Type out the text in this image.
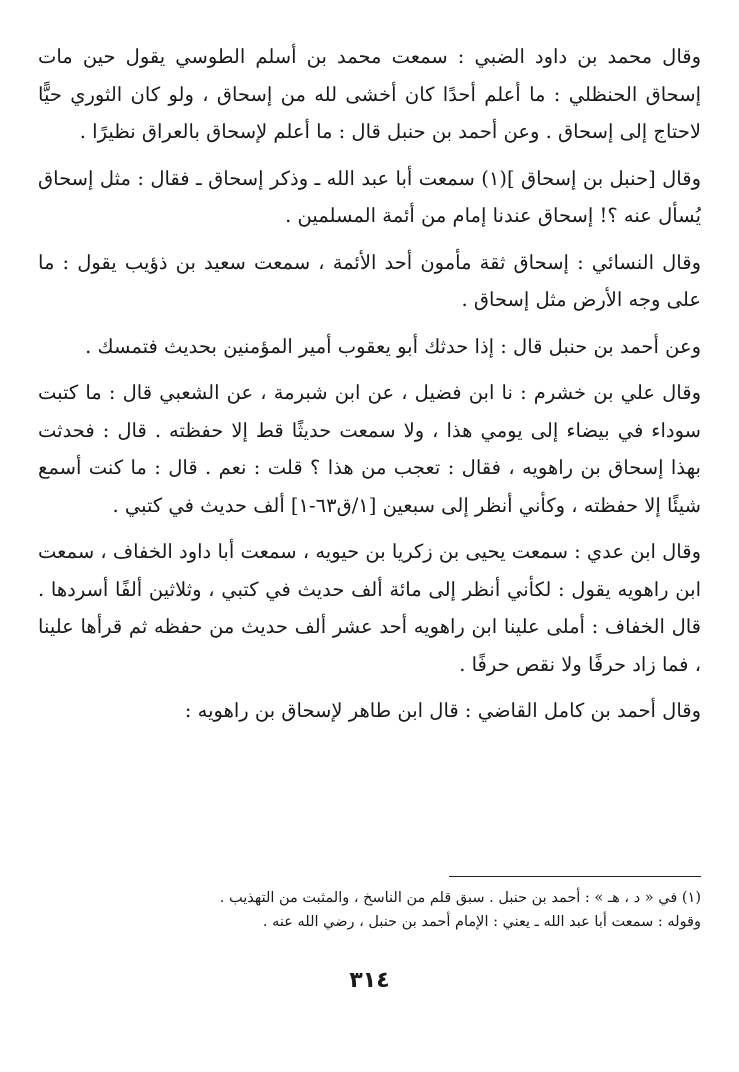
وقال محمد بن داود الضبي : سمعت محمد بن أسلم الطوسي يقول حين مات إسحاق الحنظلي : ما أعلم أحدًا كان أخشى لله من إسحاق ، ولو كان الثوري حيًّا لاحتاج إلى إسحاق . وعن أحمد بن حنبل قال : ما أعلم لإسحاق بالعراق نظيرًا .

وقال [حنبل بن إسحاق ](١) سمعت أبا عبد الله ـ وذكر إسحاق ـ فقال : مثل إسحاق يُسأل عنه ؟! إسحاق عندنا إمام من أئمة المسلمين .

وقال النسائي : إسحاق ثقة مأمون أحد الأئمة ، سمعت سعيد بن ذؤيب يقول : ما على وجه الأرض مثل إسحاق .

وعن أحمد بن حنبل قال : إذا حدثك أبو يعقوب أمير المؤمنين بحديث فتمسك .

وقال علي بن خشرم : نا ابن فضيل ، عن ابن شبرمة ، عن الشعبي قال : ما كتبت سوداء في بيضاء إلى يومي هذا ، ولا سمعت حديثًا قط إلا حفظته . قال : فحدثت بهذا إسحاق بن راهويه ، فقال : تعجب من هذا ؟ قلت : نعم . قال : ما كنت أسمع شيئًا إلا حفظته ، وكأني أنظر إلى سبعين [١/ق٦٣-١] ألف حديث في كتبي .

وقال ابن عدي : سمعت يحيى بن زكريا بن حيويه ، سمعت أبا داود الخفاف ، سمعت ابن راهويه يقول : لكأني أنظر إلى مائة ألف حديث في كتبي ، وثلاثين ألفًا أسردها . قال الخفاف : أملى علينا ابن راهويه أحد عشر ألف حديث من حفظه ثم قرأها علينا ، فما زاد حرفًا ولا نقص حرفًا .

وقال أحمد بن كامل القاضي : قال ابن طاهر لإسحاق بن راهويه :

(١) في « د ، هـ » : أحمد بن حنبل . سبق قلم من الناسخ ، والمثبت من التهذيب .

وقوله : سمعت أبا عبد الله ـ يعني : الإمام أحمد بن حنبل ، رضي الله عنه .

٣١٤
